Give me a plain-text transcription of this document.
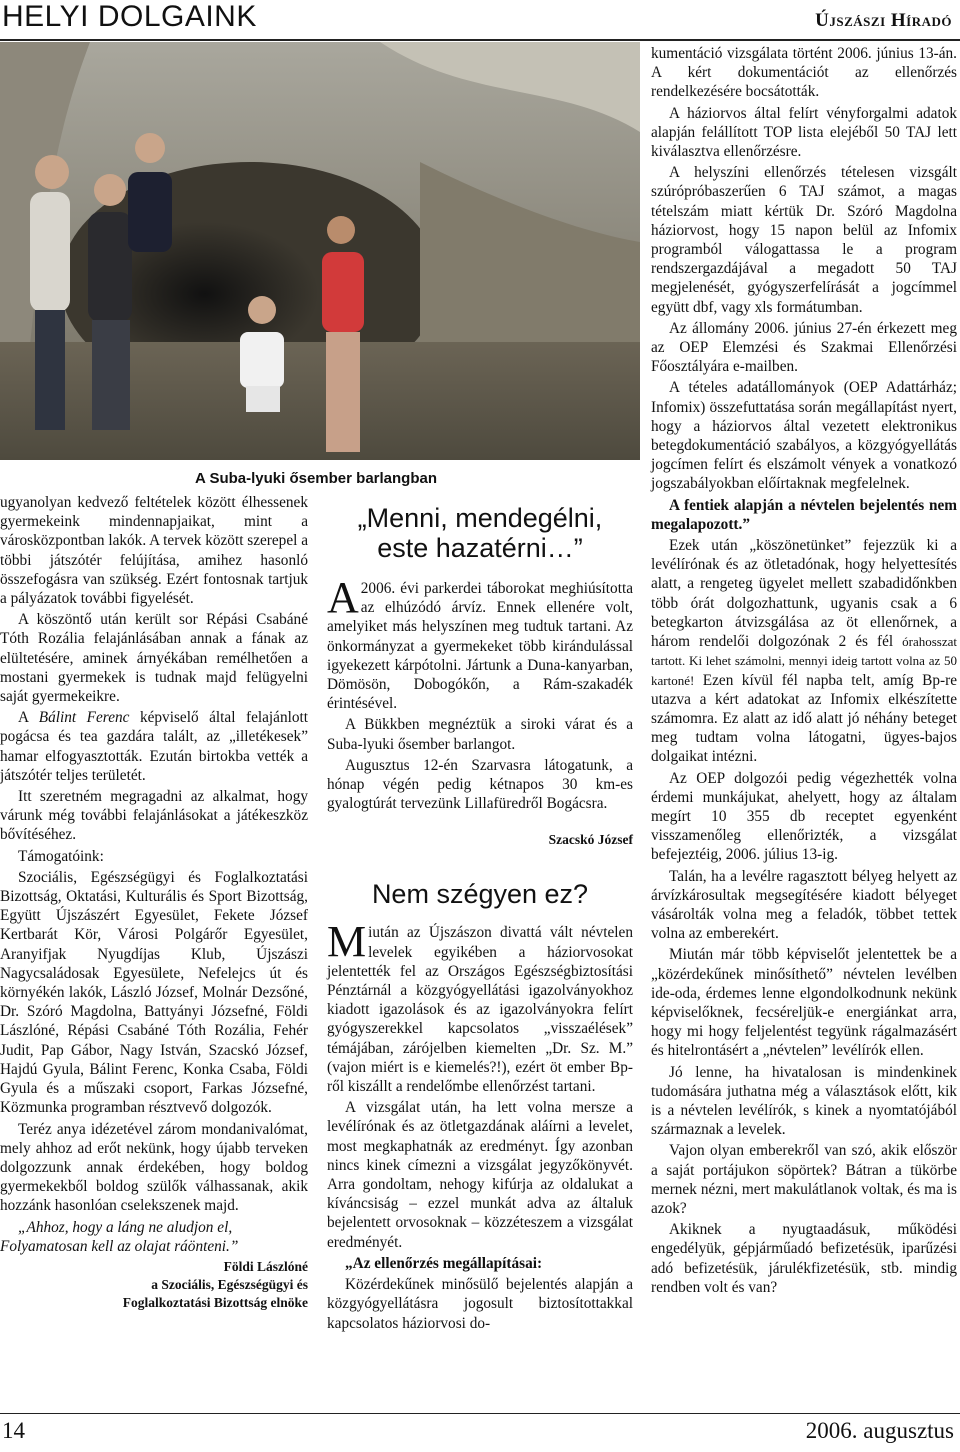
HELYI DOLGAINK	Újszászi Híradó
A Suba-lyuki ősember barlangban

ugyanolyan kedvező feltételek között élhessenek gyermekeink mindennapjaikat, mint a városközpontban lakók. A tervek között szerepel a többi játszótér felújítása, amihez hasonló összefogásra van szükség. Ezért fontosnak tartjuk a pályázatok további figyelését.

A köszöntő után került sor Répási Csabáné Tóth Rozália felajánlásában annak a fának az elültetésére, aminek árnyékában remélhetően a mostani gyermekek is tudnak majd felügyelni saját gyermekeikre.

A Bálint Ferenc képviselő által felajánlott pogácsa és tea gazdára talált, az „illetékesek” hamar elfogyasztották. Ezután birtokba vették a játszótér teljes területét.

Itt szeretném megragadni az alkalmat, hogy várunk még további felajánlásokat a játékeszköz bővítéséhez.

Támogatóink:

Szociális, Egészségügyi és Foglalkoztatási Bizottság, Oktatási, Kulturális és Sport Bizottság, Együtt Újszászért Egyesület, Fekete József Kertbarát Kör, Városi Polgárőr Egyesület, Aranyifjak Nyugdíjas Klub, Újszászi Nagycsaládosak Egyesülete, Nefelejcs út és környékén lakók, László József, Molnár Dezsőné, Dr. Szóró Magdolna, Battyányi Józsefné, Földi Lászlóné, Répási Csabáné Tóth Rozália, Fehér Judit, Pap Gábor, Nagy István, Szacskó József, Hajdú Gyula, Bálint Ferenc, Konka Csaba, Földi Gyula és a műszaki csoport, Farkas Józsefné, Közmunka programban résztvevő dolgozók.

Teréz anya idézetével zárom mondanivalómat, mely ahhoz ad erőt nekünk, hogy újabb terveken dolgozzunk annak érdekében, hogy boldog gyermekekből boldog szülők válhassanak, akik hozzánk hasonlóan cselekszenek majd.

„Ahhoz, hogy a láng ne aludjon el,
Folyamatosan kell az olajat ráönteni.”

Földi Lászlóné
a Szociális, Egészségügyi és
Foglalkoztatási Bizottság elnöke

„Menni, mendegélni,
este hazatérni…”

A 2006. évi parkerdei táborokat meghiúsította az elhúzódó árvíz. Ennek ellenére volt, amelyiket más helyszínen meg tudtuk tartani. Az önkormányzat a gyermekeket több kirándulással igyekezett kárpótolni. Jártunk a Duna-kanyarban, Dömösön, Dobogókőn, a Rám-szakadék érintésével.

A Bükkben megnéztük a siroki várat és a Suba-lyuki ősember barlangot.

Augusztus 12-én Szarvasra látogatunk, a hónap végén pedig kétnapos 30 km-es gyalogtúrát tervezünk Lillafüredről Bogácsra.

Szacskó József

Nem szégyen ez?

Miután az Újszászon divattá vált névtelen levelek egyikében a háziorvosokat jelentették fel az Országos Egészségbiztosítási Pénztárnál a közgyógyellátási igazolványokhoz kiadott igazolások és az igazolványokra felírt gyógyszerekkel kapcsolatos „visszaélések” témájában, zárójelben kiemelten „Dr. Sz. M.” (vajon miért is e kiemelés?!), ezért öt ember Bp-ről kiszállt a rendelőmbe ellenőrzést tartani.

A vizsgálat után, ha lett volna mersze a levélírónak és az ötletgazdának aláírni a levelet, most megkaphatnák az eredményt. Így azonban nincs kinek címezni a vizsgálat jegyzőkönyvét. Arra gondoltam, nehogy kifúrja az oldalukat a kíváncsiság – ezzel munkát adva az általuk bejelentett orvosoknak – közzéteszem a vizsgálat eredményét.

„Az ellenőrzés megállapításai:

Közérdekűnek minősülő bejelentés alapján a közgyógyellátásra jogosult biztosítottakkal kapcsolatos háziorvosi do-

kumentáció vizsgálata történt 2006. június 13-án. A kért dokumentációt az ellenőrzés rendelkezésére bocsátották.

A háziorvos által felírt vényforgalmi adatok alapján felállított TOP lista elejéből 50 TAJ lett kiválasztva ellenőrzésre.

A helyszíni ellenőrzés tételesen vizsgált szúrópróbaszerűen 6 TAJ számot, a magas tételszám miatt kértük Dr. Szóró Magdolna háziorvost, hogy 15 napon belül az Infomix programból válogattassa le a program rendszergazdájával a megadott 50 TAJ megjelenését, gyógyszerfelírását a jogcímmel együtt dbf, vagy xls formátumban.

Az állomány 2006. június 27-én érkezett meg az OEP Elemzési és Szakmai Ellenőrzési Főosztályára e-mailben.

A tételes adatállományok (OEP Adattárház; Infomix) összefuttatása során megállapítást nyert, hogy a háziorvos által vezetett elektronikus betegdokumentáció szabályos, a közgyógyellátás jogcímen felírt és elszámolt vények a vonatkozó jogszabályokban előírtaknak megfelelnek.

A fentiek alapján a névtelen bejelentés nem megalapozott.”

Ezek után „köszönetünket” fejezzük ki a levélírónak és az ötletadónak, hogy helyettesítés alatt, a rengeteg ügyelet mellett szabadidőnkben több órát dolgozhattunk, ugyanis csak a 6 betegkarton átvizsgálása az öt ellenőrnek, a három rendelői dolgozónak 2 és fél órahosszat tartott. Ki lehet számolni, mennyi ideig tartott volna az 50 kartoné! Ezen kívül fél napba telt, amíg Bp-re utazva a kért adatokat az Infomix elkészítette számomra. Ez alatt az idő alatt jó néhány beteget meg tudtam volna látogatni, ügyes-bajos dolgaikat intézni.

Az OEP dolgozói pedig végezhették volna érdemi munkájukat, ahelyett, hogy az általam megírt 10 355 db receptet egyenként visszamenőleg ellenőrizték, a vizsgálat befejeztéig, 2006. július 13-ig.

Talán, ha a levélre ragasztott bélyeg helyett az árvízkárosultak megsegítésére kiadott bélyeget vásárolták volna meg a feladók, többet tettek volna az emberekért.

Miután már több képviselőt jelentettek be a „közérdekűnek minősíthető” névtelen levélben ide-oda, érdemes lenne elgondolkodnunk nekünk képviselőknek, fecséreljük-e energiánkat arra, hogy mi hogy feljelentést tegyünk rágalmazásért és hitelrontásért a „névtelen” levélírók ellen.

Jó lenne, ha hivatalosan is mindenkinek tudomására juthatna még a választások előtt, kik is a névtelen levélírók, s kinek a nyomtatójából származnak a levelek.

Vajon olyan emberekről van szó, akik először a saját portájukon söpörtek? Bátran a tükörbe mernek nézni, mert makulátlanok voltak, és ma is azok?

Akiknek a nyugtaadásuk, működési engedélyük, gépjárműadó befizetésük, iparűzési adó befizetésük, járulékfizetésük, stb. mindig rendben volt és van?

14	2006. augusztus
